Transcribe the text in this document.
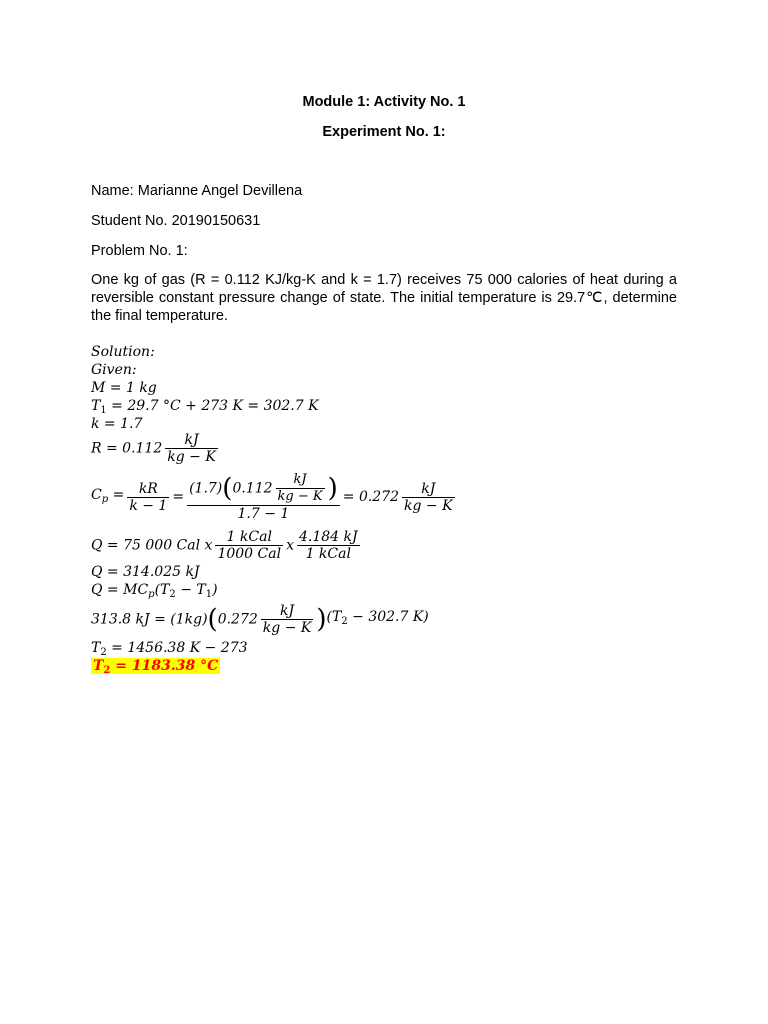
Module 1: Activity No. 1
Experiment No. 1:
Name: Marianne Angel Devillena
Student No. 20190150631
Problem No. 1:
One kg of gas (R = 0.112 KJ/kg-K and k = 1.7) receives 75 000 calories of heat during a reversible constant pressure change of state. The initial temperature is 29.7℃, determine the final temperature.
Solution:
Given:
M = 1 kg
$T_1 = 29.7$ °C + 273 K = 302.7 K
k = 1.7
$R = 0.112 \frac{kJ}{kg - K}$
$C_p = \frac{kR}{k - 1} = \frac{(1.7)(0.112 \frac{kJ}{kg - K} )}{1.7 - 1} = 0.272 \frac{kJ}{kg - K}$
Q = 75 000 Cal x $\frac{\text{1 kCal}}{\text{1000 Cal}}$ x $\frac{4.184 kJ}{\text{1 kCal}}$
Q = 314.025 kJ
$Q = MC_p(T_2 - T_1)$
313.8 kJ = $(1kg)(0.272 \frac{kJ}{kg - K} )(T_2 - 302.7$ K)
$T_2 = 1456.38$ K − 273
$T_2 = 1183.38$ °C
